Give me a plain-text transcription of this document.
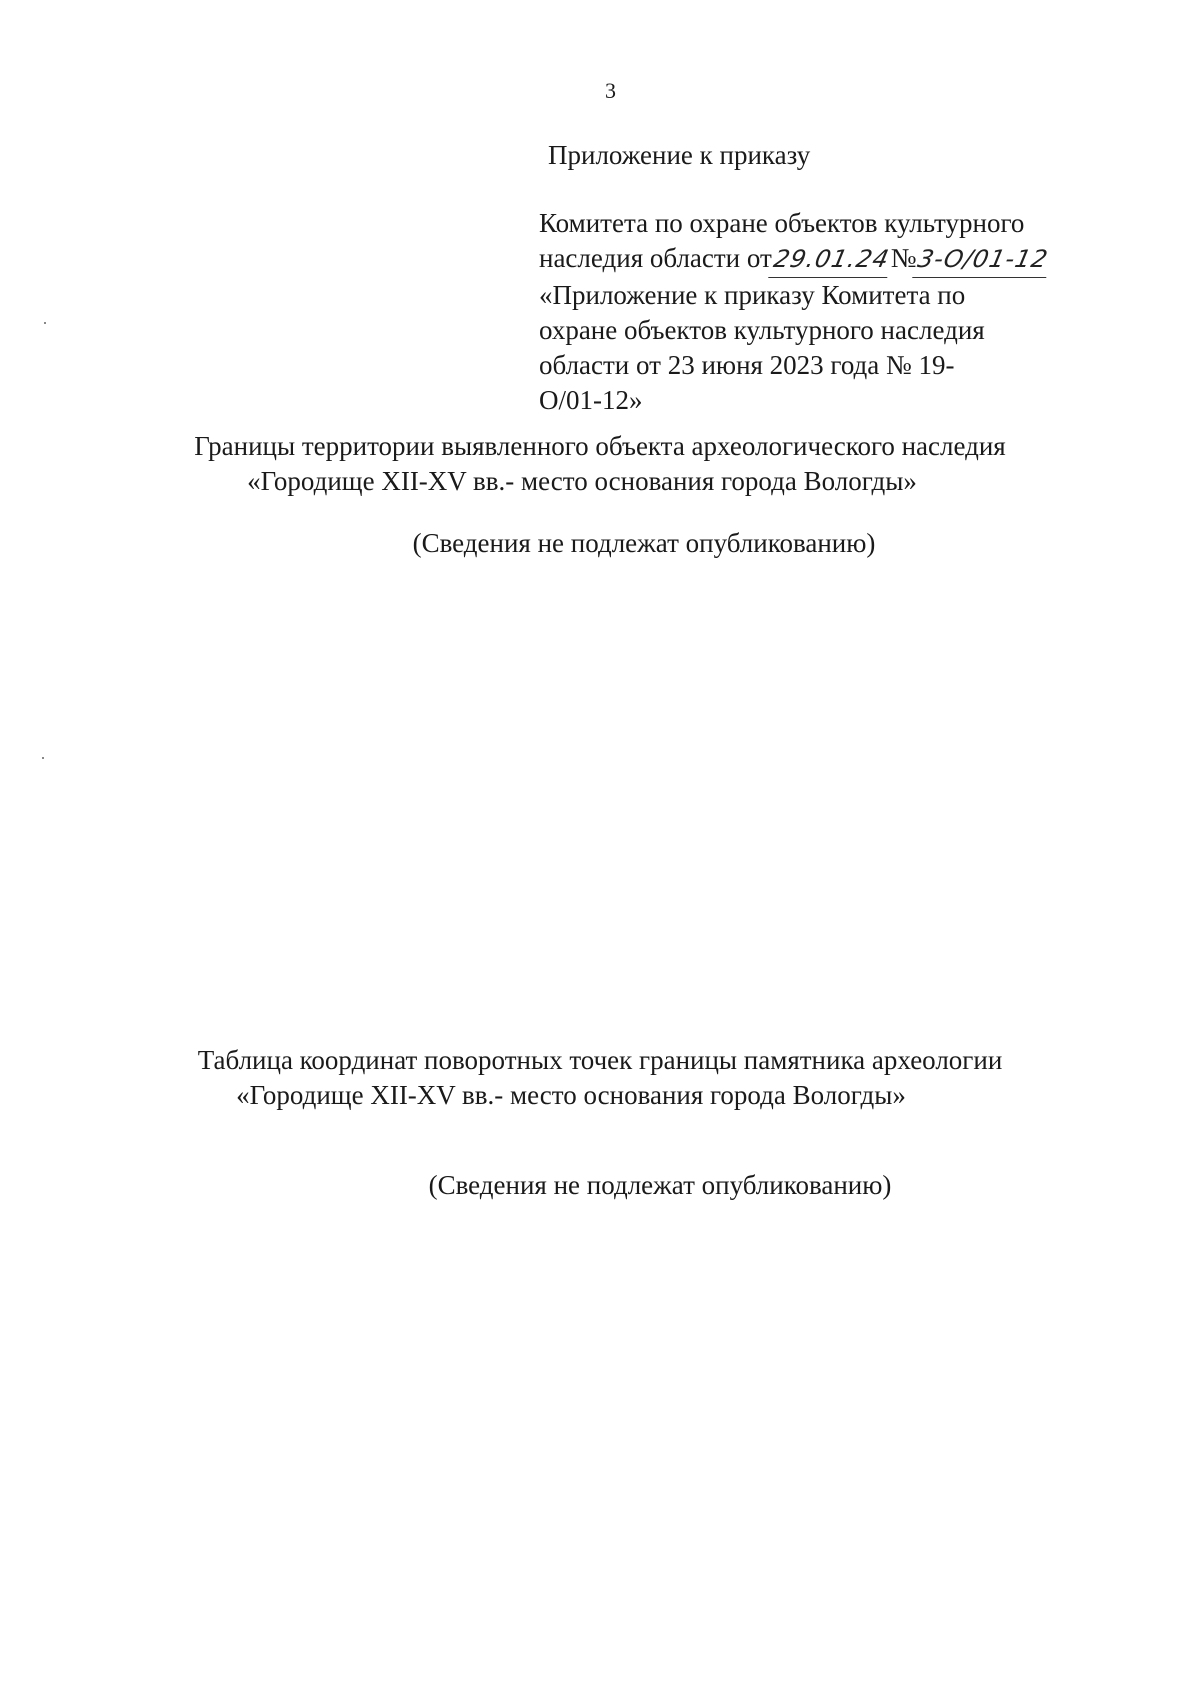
3
Приложение к приказу
Комитета по охране объектов культурного
наследия области от29.01.24№3-О/01-12
«Приложение к приказу Комитета по
охране объектов культурного наследия
области от 23 июня 2023 года № 19-
О/01-12»
Границы территории выявленного объекта археологического наследия
«Городище XII-XV вв.- место основания города Вологды»
(Сведения не подлежат опубликованию)
Таблица координат поворотных точек границы памятника археологии
«Городище XII-XV вв.- место основания города Вологды»
(Сведения не подлежат опубликованию)
